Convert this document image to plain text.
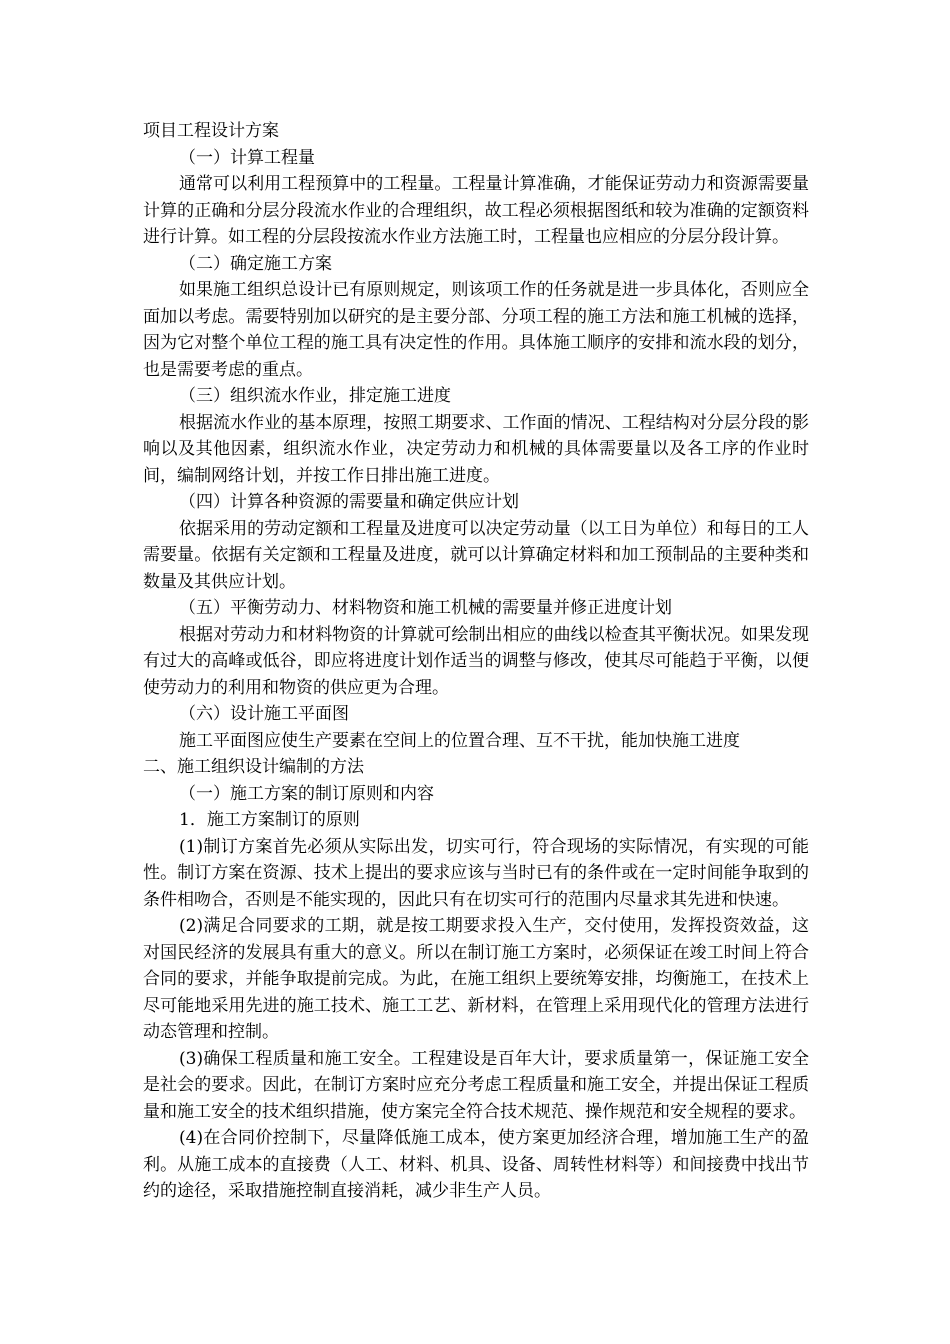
项目工程设计方案

（一）计算工程量

通常可以利用工程预算中的工程量。工程量计算准确，才能保证劳动力和资源需要量计算的正确和分层分段流水作业的合理组织，故工程必须根据图纸和较为准确的定额资料进行计算。如工程的分层段按流水作业方法施工时，工程量也应相应的分层分段计算。

（二）确定施工方案

如果施工组织总设计已有原则规定，则该项工作的任务就是进一步具体化，否则应全面加以考虑。需要特别加以研究的是主要分部、分项工程的施工方法和施工机械的选择，因为它对整个单位工程的施工具有决定性的作用。具体施工顺序的安排和流水段的划分，也是需要考虑的重点。

（三）组织流水作业，排定施工进度

根据流水作业的基本原理，按照工期要求、工作面的情况、工程结构对分层分段的影响以及其他因素，组织流水作业，决定劳动力和机械的具体需要量以及各工序的作业时间，编制网络计划，并按工作日排出施工进度。

（四）计算各种资源的需要量和确定供应计划

依据采用的劳动定额和工程量及进度可以决定劳动量（以工日为单位）和每日的工人需要量。依据有关定额和工程量及进度，就可以计算确定材料和加工预制品的主要种类和数量及其供应计划。

（五）平衡劳动力、材料物资和施工机械的需要量并修正进度计划

根据对劳动力和材料物资的计算就可绘制出相应的曲线以检查其平衡状况。如果发现有过大的高峰或低谷，即应将进度计划作适当的调整与修改，使其尽可能趋于平衡，以便使劳动力的利用和物资的供应更为合理。

（六）设计施工平面图

施工平面图应使生产要素在空间上的位置合理、互不干扰，能加快施工进度

二、施工组织设计编制的方法

（一）施工方案的制订原则和内容

1．施工方案制订的原则

(1)制订方案首先必须从实际出发，切实可行，符合现场的实际情况，有实现的可能性。制订方案在资源、技术上提出的要求应该与当时已有的条件或在一定时间能争取到的条件相吻合，否则是不能实现的，因此只有在切实可行的范围内尽量求其先进和快速。

(2)满足合同要求的工期，就是按工期要求投入生产，交付使用，发挥投资效益，这对国民经济的发展具有重大的意义。所以在制订施工方案时，必须保证在竣工时间上符合合同的要求，并能争取提前完成。为此，在施工组织上要统筹安排，均衡施工，在技术上尽可能地采用先进的施工技术、施工工艺、新材料，在管理上采用现代化的管理方法进行动态管理和控制。

(3)确保工程质量和施工安全。工程建设是百年大计，要求质量第一，保证施工安全是社会的要求。因此，在制订方案时应充分考虑工程质量和施工安全，并提出保证工程质量和施工安全的技术组织措施，使方案完全符合技术规范、操作规范和安全规程的要求。

(4)在合同价控制下，尽量降低施工成本，使方案更加经济合理，增加施工生产的盈利。从施工成本的直接费（人工、材料、机具、设备、周转性材料等）和间接费中找出节约的途径，采取措施控制直接消耗，减少非生产人员。
